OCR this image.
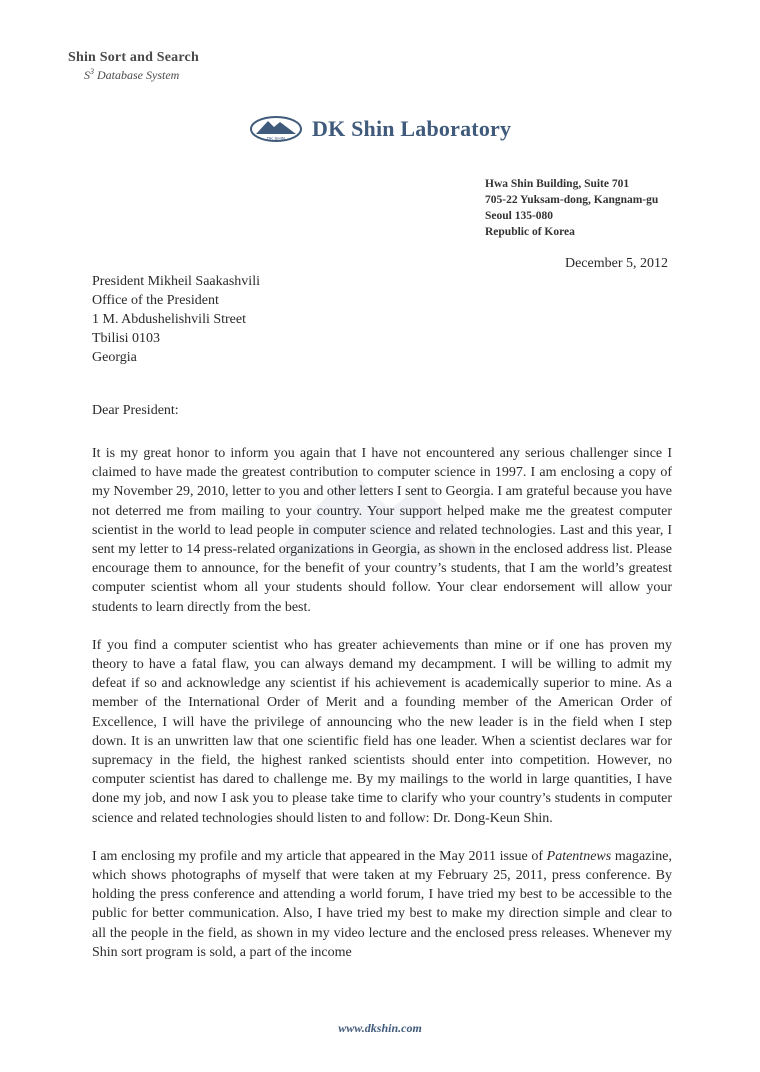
Shin Sort and Search
$S^3$ Database System
DK SHIN DK Shin Laboratory
Hwa Shin Building, Suite 701
705-22 Yuksam-dong, Kangnam-gu
Seoul 135-080
Republic of Korea
December 5, 2012
President Mikheil Saakashvili
Office of the President
1 M. Abdushelishvili Street
Tbilisi 0103
Georgia
Dear President:

It is my great honor to inform you again that I have not encountered any serious challenger since I claimed to have made the greatest contribution to computer science in 1997. I am enclosing a copy of my November 29, 2010, letter to you and other letters I sent to Georgia. I am grateful because you have not deterred me from mailing to your country. Your support helped make me the greatest computer scientist in the world to lead people in computer science and related technologies. Last and this year, I sent my letter to 14 press-related organizations in Georgia, as shown in the enclosed address list. Please encourage them to announce, for the benefit of your country’s students, that I am the world’s greatest computer scientist whom all your students should follow. Your clear endorsement will allow your students to learn directly from the best.

If you find a computer scientist who has greater achievements than mine or if one has proven my theory to have a fatal flaw, you can always demand my decampment. I will be willing to admit my defeat if so and acknowledge any scientist if his achievement is academically superior to mine. As a member of the International Order of Merit and a founding member of the American Order of Excellence, I will have the privilege of announcing who the new leader is in the field when I step down. It is an unwritten law that one scientific field has one leader. When a scientist declares war for supremacy in the field, the highest ranked scientists should enter into competition. However, no computer scientist has dared to challenge me. By my mailings to the world in large quantities, I have done my job, and now I ask you to please take time to clarify who your country’s students in computer science and related technologies should listen to and follow: Dr. Dong-Keun Shin.

I am enclosing my profile and my article that appeared in the May 2011 issue of Patentnews magazine, which shows photographs of myself that were taken at my February 25, 2011, press conference. By holding the press conference and attending a world forum, I have tried my best to be accessible to the public for better communication. Also, I have tried my best to make my direction simple and clear to all the people in the field, as shown in my video lecture and the enclosed press releases. Whenever my Shin sort program is sold, a part of the income

www.dkshin.com
